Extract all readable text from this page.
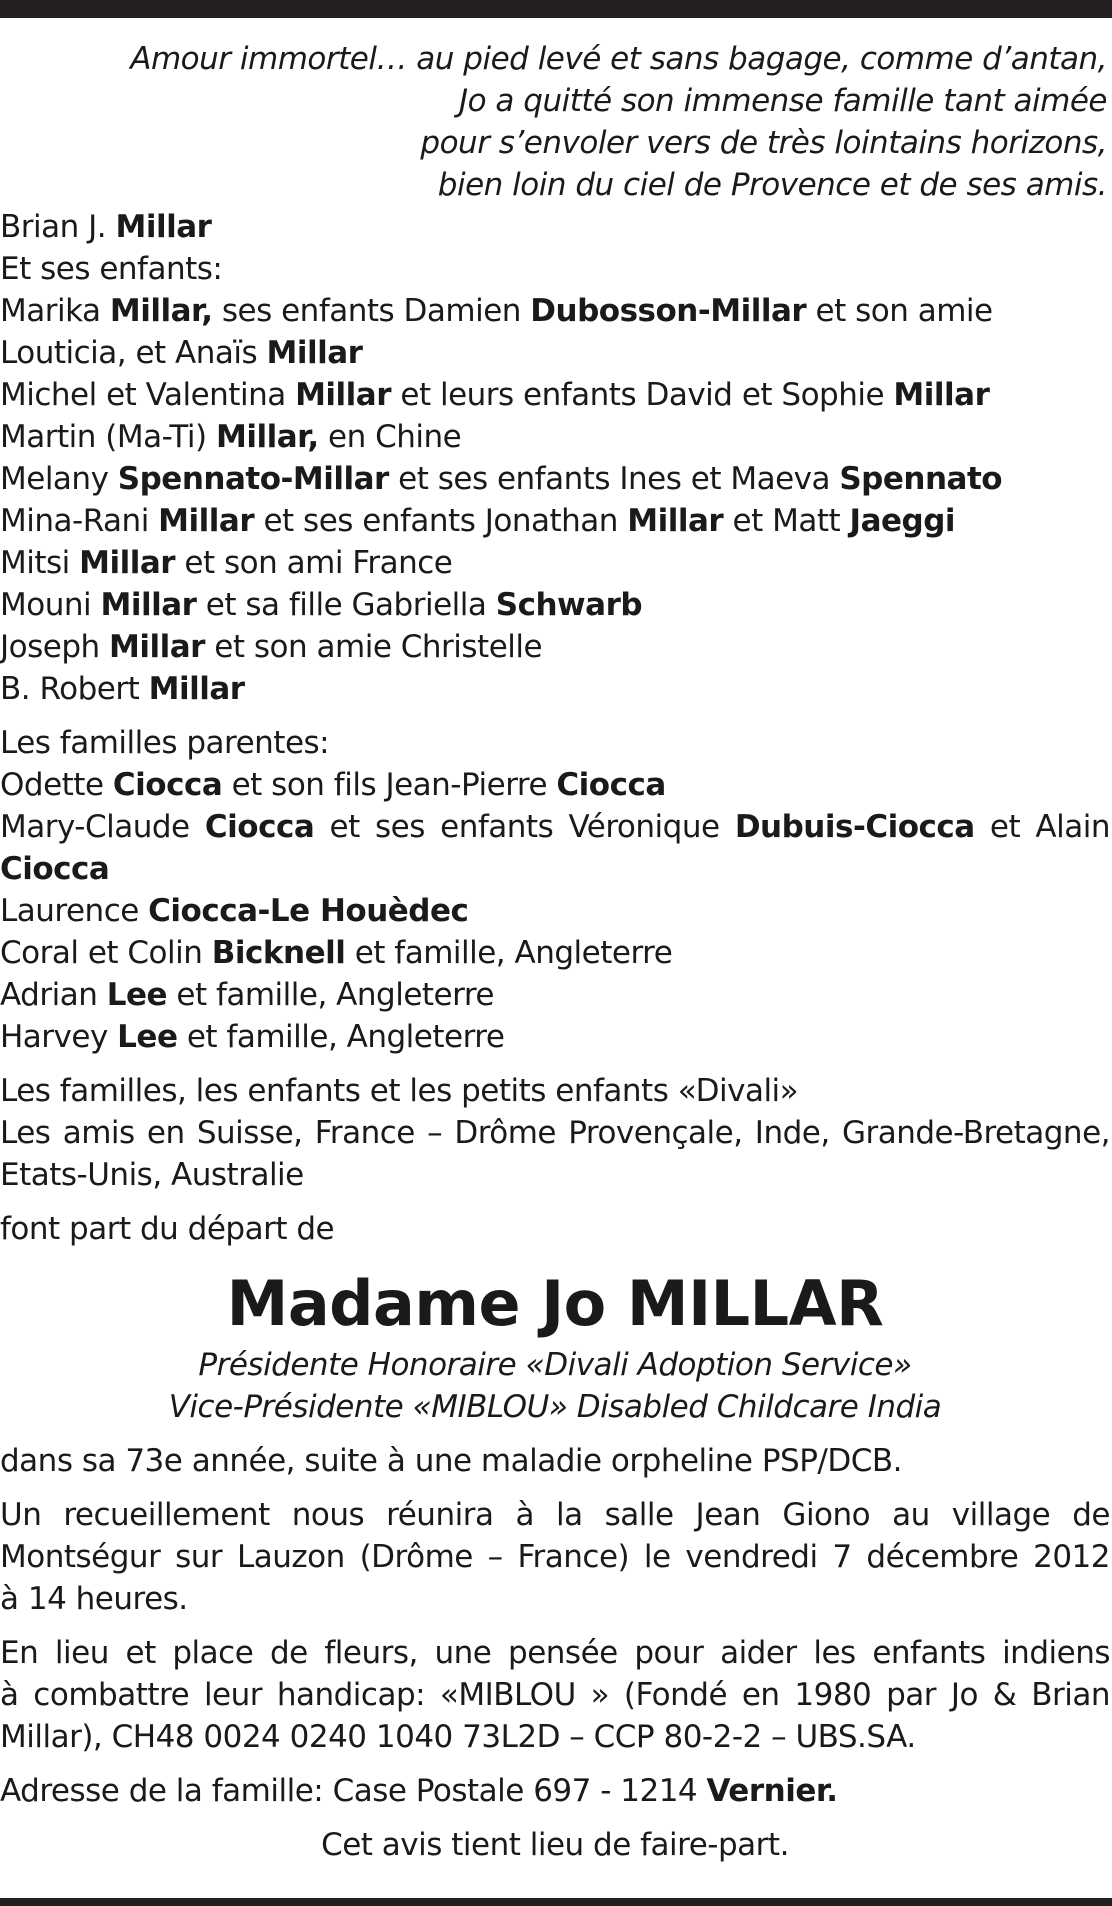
Amour immortel… au pied levé et sans bagage, comme d’antan,
Jo a quitté son immense famille tant aimée
pour s’envoler vers de très lointains horizons,
bien loin du ciel de Provence et de ses amis.
Brian J. Millar
Et ses enfants:
Marika Millar, ses enfants Damien Dubosson-Millar et son amie
Louticia, et Anaïs Millar
Michel et Valentina Millar et leurs enfants David et Sophie Millar
Martin (Ma-Ti) Millar, en Chine
Melany Spennato-Millar et ses enfants Ines et Maeva Spennato
Mina-Rani Millar et ses enfants Jonathan Millar et Matt Jaeggi
Mitsi Millar et son ami France
Mouni Millar et sa fille Gabriella Schwarb
Joseph Millar et son amie Christelle
B. Robert Millar
Les familles parentes:
Odette Ciocca et son fils Jean-Pierre Ciocca
Mary-Claude Ciocca et ses enfants Véronique Dubuis-Ciocca et Alain
Ciocca
Laurence Ciocca-Le Houèdec
Coral et Colin Bicknell et famille, Angleterre
Adrian Lee et famille, Angleterre
Harvey Lee et famille, Angleterre
Les familles, les enfants et les petits enfants «Divali»
Les amis en Suisse, France – Drôme Provençale, Inde, Grande-Bretagne,
Etats-Unis, Australie
font part du départ de
Madame Jo MILLAR
Présidente Honoraire «Divali Adoption Service»
Vice-Présidente «MIBLOU» Disabled Childcare India
dans sa 73e année, suite à une maladie orpheline PSP/DCB.
Un recueillement nous réunira à la salle Jean Giono au village de
Montségur sur Lauzon (Drôme – France) le vendredi 7 décembre 2012
à 14 heures.
En lieu et place de fleurs, une pensée pour aider les enfants indiens
à combattre leur handicap: «MIBLOU » (Fondé en 1980 par Jo & Brian
Millar), CH48 0024 0240 1040 73L2D – CCP 80-2-2 – UBS.SA.
Adresse de la famille: Case Postale 697 - 1214 Vernier.
Cet avis tient lieu de faire-part.
